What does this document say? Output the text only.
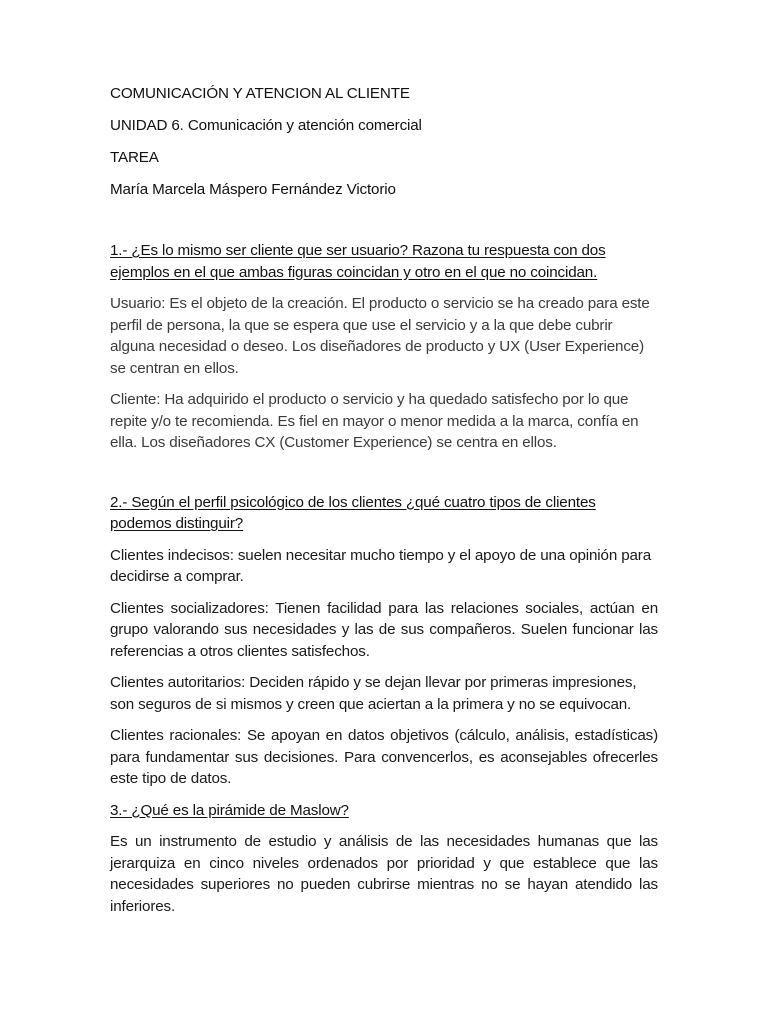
COMUNICACIÓN Y ATENCION AL CLIENTE
UNIDAD 6. Comunicación y atención comercial
TAREA
María Marcela Máspero Fernández Victorio
1.- ¿Es lo mismo ser cliente que ser usuario? Razona tu respuesta con dos ejemplos en el que ambas figuras coincidan y otro en el que no coincidan.
Usuario: Es el objeto de la creación. El producto o servicio se ha creado para este perfil de persona, la que se espera que use el servicio y a la que debe cubrir alguna necesidad o deseo. Los diseñadores de producto y UX (User Experience) se centran en ellos.
Cliente: Ha adquirido el producto o servicio y ha quedado satisfecho por lo que repite y/o te recomienda. Es fiel en mayor o menor medida a la marca, confía en ella. Los diseñadores CX (Customer Experience) se centra en ellos.
2.- Según el perfil psicológico de los clientes ¿qué cuatro tipos de clientes podemos distinguir?
Clientes indecisos: suelen necesitar mucho tiempo y el apoyo de una opinión para decidirse a comprar.
Clientes socializadores: Tienen facilidad para las relaciones sociales, actúan en grupo valorando sus necesidades y las de sus compañeros. Suelen funcionar las referencias a otros clientes satisfechos.
Clientes autoritarios: Deciden rápido y se dejan llevar por primeras impresiones, son seguros de si mismos y creen que aciertan a la primera y no se equivocan.
Clientes racionales: Se apoyan en datos objetivos (cálculo, análisis, estadísticas) para fundamentar sus decisiones. Para convencerlos, es aconsejables ofrecerles este tipo de datos.
3.- ¿Qué es la pirámide de Maslow?
Es un instrumento de estudio y análisis de las necesidades humanas que las jerarquiza en cinco niveles ordenados por prioridad y que establece que las necesidades superiores no pueden cubrirse mientras no se hayan atendido las inferiores.
